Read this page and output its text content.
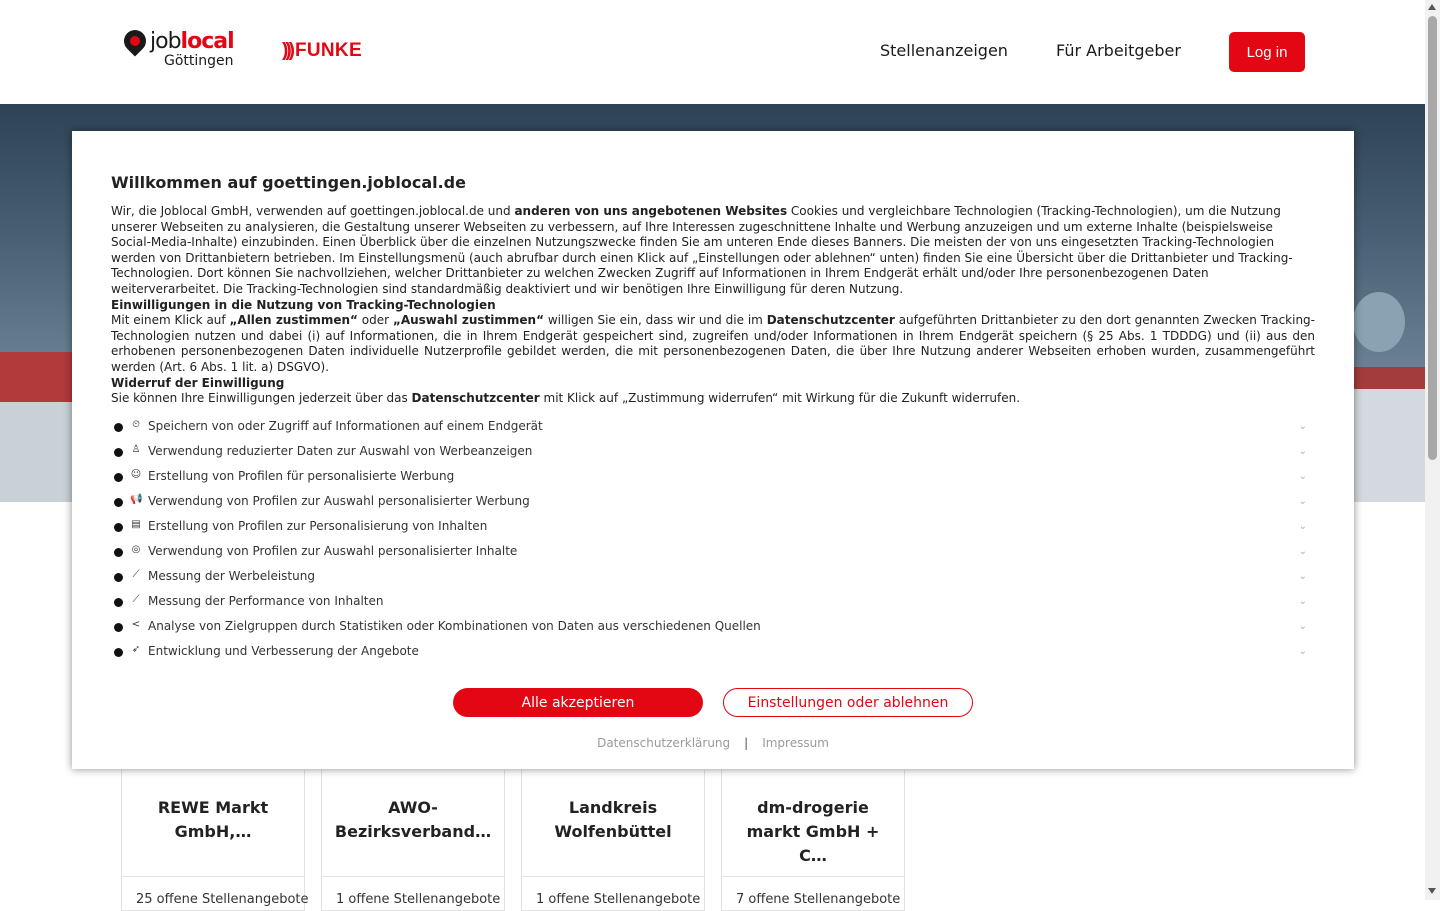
joblocal
Göttingen	))) FUNKE	Stellenanzeigen	Für Arbeitgeber	Log in
REWE Markt GmbH,…
25 offene Stellenangebote
AWO-Bezirksverband…
1 offene Stellenangebote
Landkreis Wolfenbüttel
1 offene Stellenangebote
dm-drogerie markt GmbH + C…
7 offene Stellenangebote
Willkommen auf goettingen.joblocal.de

Wir, die Joblocal GmbH, verwenden auf goettingen.joblocal.de und anderen von uns angebotenen Websites Cookies und vergleichbare Technologien (Tracking-Technologien), um die Nutzung unserer Webseiten zu analysieren, die Gestaltung unserer Webseiten zu verbessern, auf Ihre Interessen zugeschnittene Inhalte und Werbung anzuzeigen und um externe Inhalte (beispielsweise Social-Media-Inhalte) einzubinden. Einen Überblick über die einzelnen Nutzungszwecke finden Sie am unteren Ende dieses Banners. Die meisten der von uns eingesetzten Tracking-Technologien werden von Drittanbietern betrieben. Im Einstellungsmenü (auch abrufbar durch einen Klick auf „Einstellungen oder ablehnen“ unten) finden Sie eine Übersicht über die Drittanbieter und Tracking-Technologien. Dort können Sie nachvollziehen, welcher Drittanbieter zu welchen Zwecken Zugriff auf Informationen in Ihrem Endgerät erhält und/oder Ihre personenbezogenen Daten weiterverarbeitet. Die Tracking-Technologien sind standardmäßig deaktiviert und wir benötigen Ihre Einwilligung für deren Nutzung.

Einwilligungen in die Nutzung von Tracking-Technologien

Mit einem Klick auf „Allen zustimmen“ oder „Auswahl zustimmen“ willigen Sie ein, dass wir und die im Datenschutzcenter aufgeführten Drittanbieter zu den dort genannten Zwecken Tracking-Technologien nutzen und dabei (i) auf Informationen, die in Ihrem Endgerät gespeichert sind, zugreifen und/oder Informationen in Ihrem Endgerät speichern (§ 25 Abs. 1 TDDDG) und (ii) aus den erhobenen personenbezogenen Daten individuelle Nutzerprofile gebildet werden, die mit personenbezogenen Daten, die über Ihre Nutzung anderer Webseiten erhoben wurden, zusammengeführt werden (Art. 6 Abs. 1 lit. a) DSGVO).

Widerruf der Einwilligung

Sie können Ihre Einwilligungen jederzeit über das Datenschutzcenter mit Klick auf „Zustimmung widerrufen“ mit Wirkung für die Zukunft widerrufen.

⏲ Speichern von oder Zugriff auf Informationen auf einem Endgerät	⌄
♙ Verwendung reduzierter Daten zur Auswahl von Werbeanzeigen	⌄
☺ Erstellung von Profilen für personalisierte Werbung	⌄
📢 Verwendung von Profilen zur Auswahl personalisierter Werbung	⌄
▤ Erstellung von Profilen zur Personalisierung von Inhalten	⌄
◎ Verwendung von Profilen zur Auswahl personalisierter Inhalte	⌄
⟋ Messung der Werbeleistung	⌄
⟋ Messung der Performance von Inhalten	⌄
< Analyse von Zielgruppen durch Statistiken oder Kombinationen von Daten aus verschiedenen Quellen	⌄
➶ Entwicklung und Verbesserung der Angebote	⌄
Alle akzeptieren	Einstellungen oder ablehnen
Datenschutzerklärung | Impressum
